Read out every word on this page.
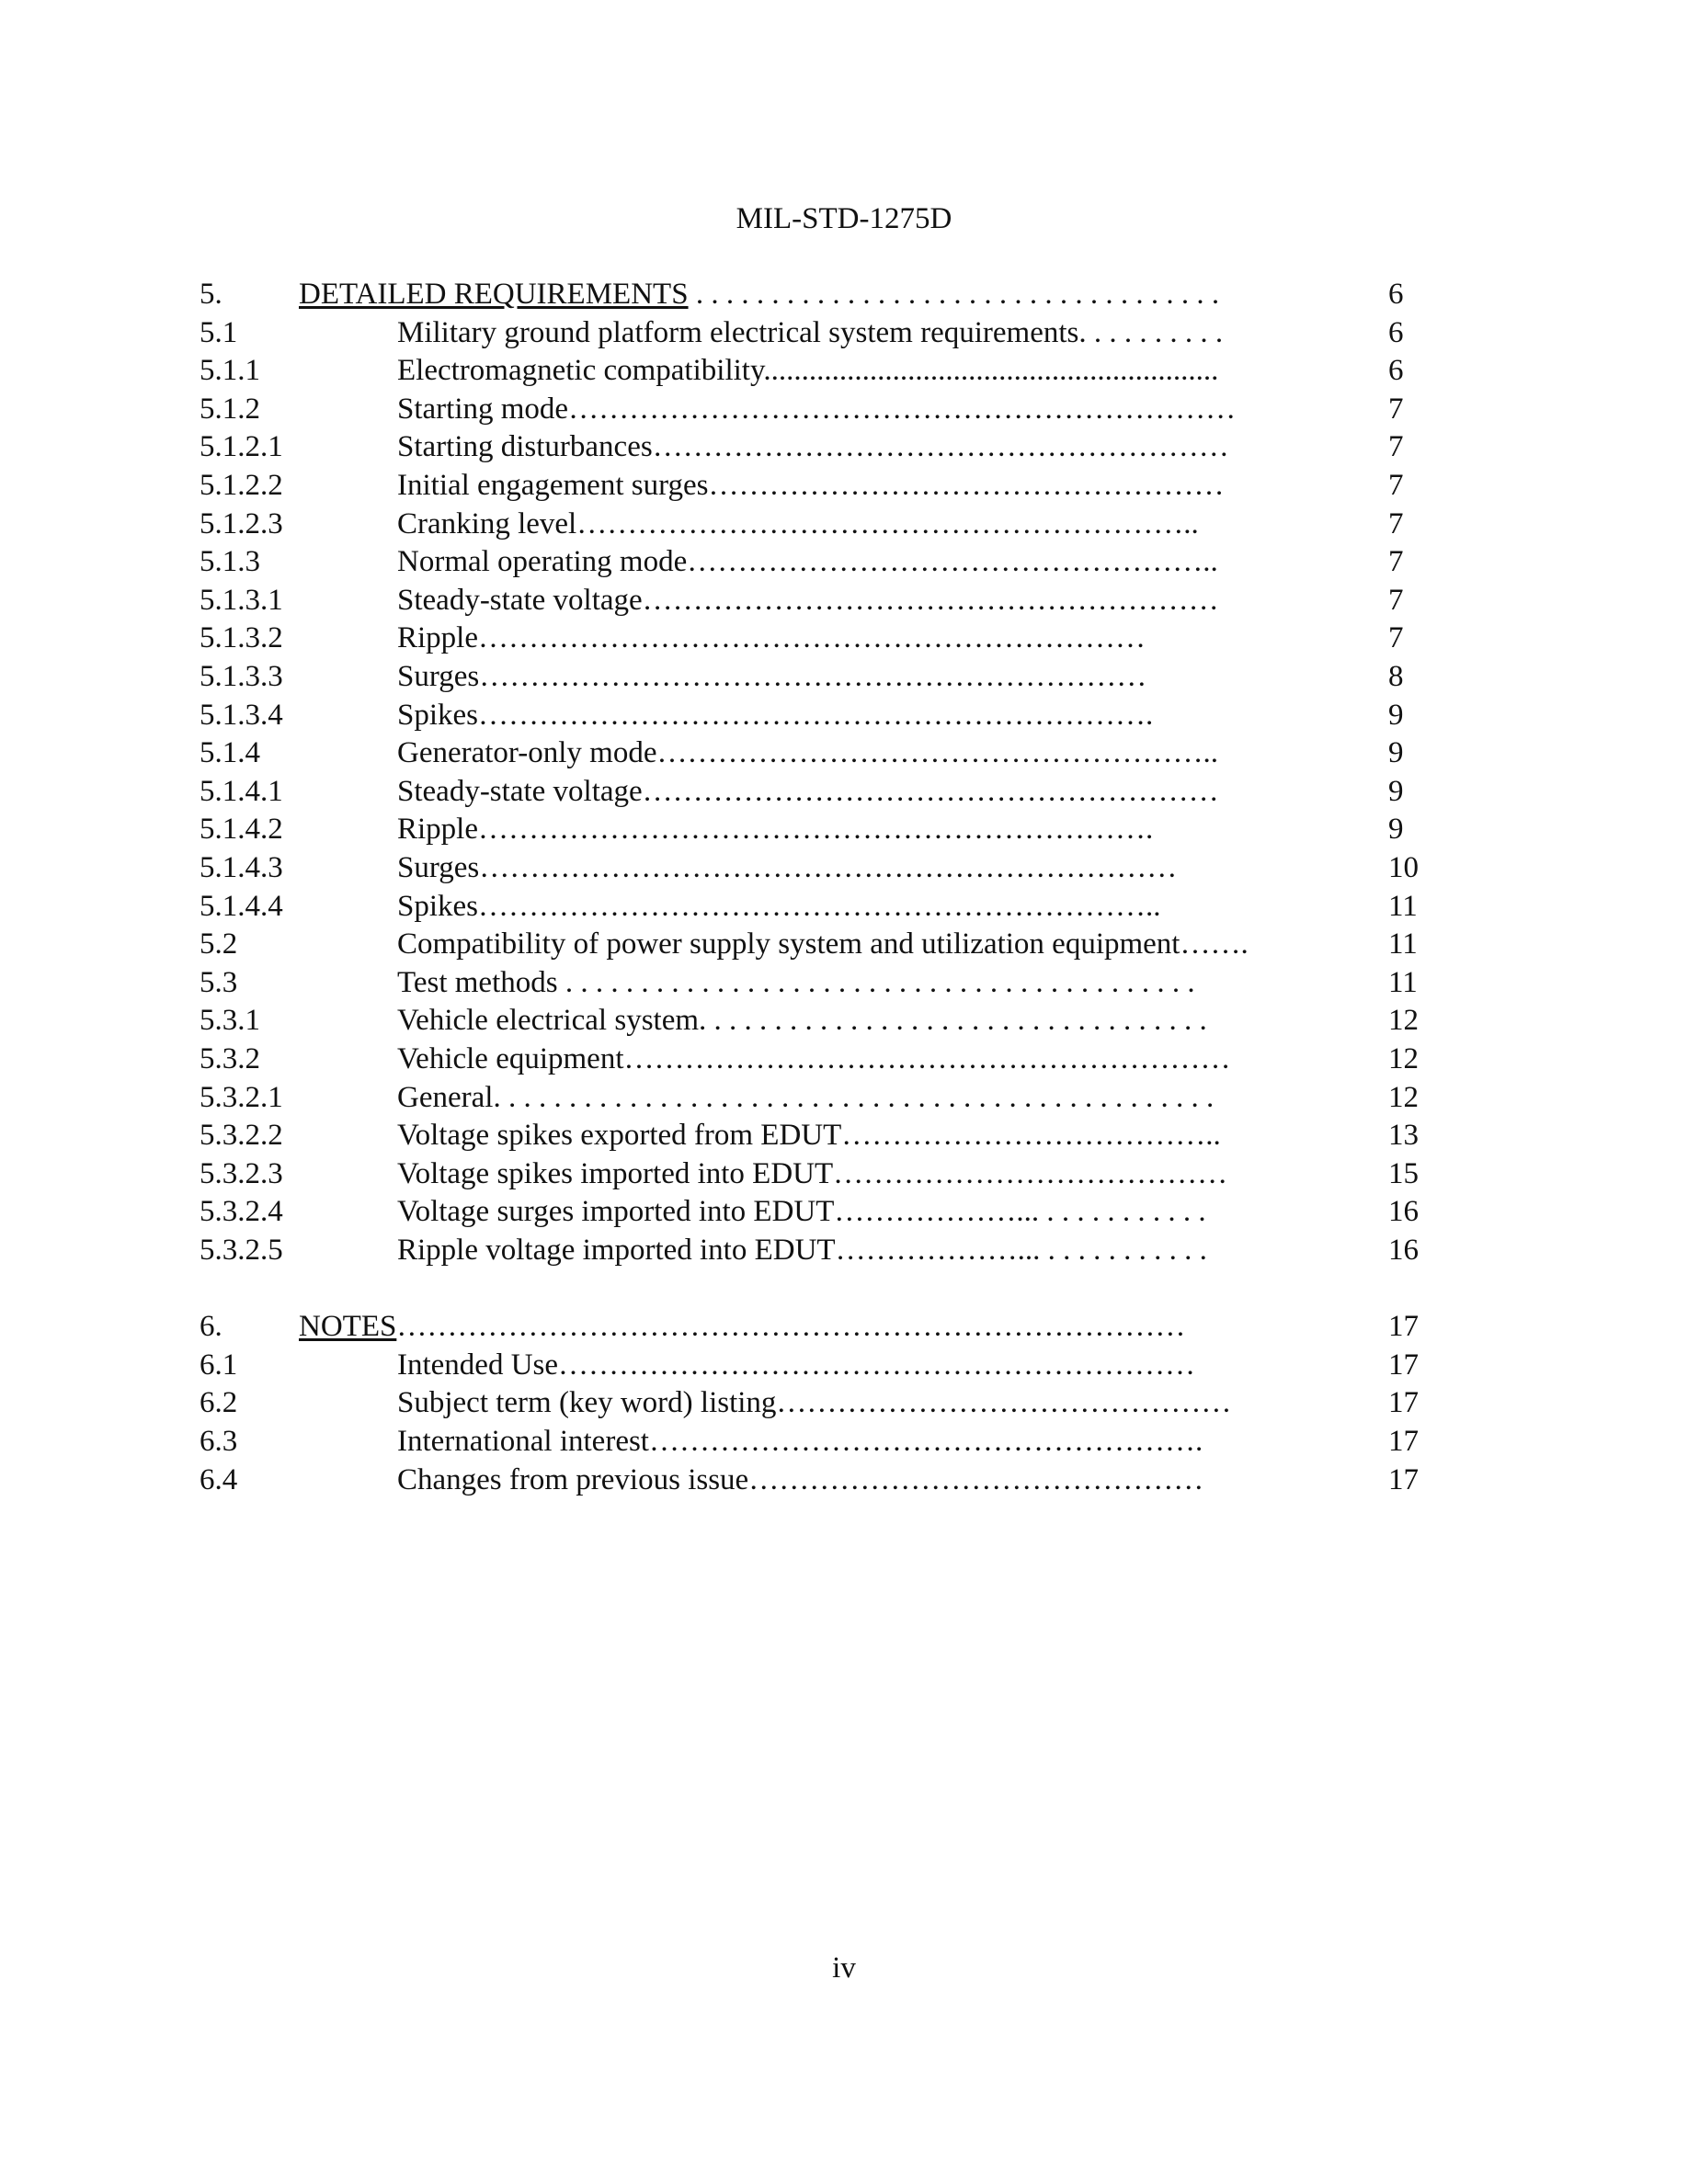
MIL-STD-1275D
5.	DETAILED REQUIREMENTS . . . . . . . . . . . . . . . . . . . . . . . . . . . . . . . . . . .	6
5.1	Military ground platform electrical system requirements. . . . . . . . . .	6
5.1.1	Electromagnetic compatibility............................................................	6
5.1.2	Starting mode…………………………………………………………	7
5.1.2.1	Starting disturbances…………………………………………………	7
5.1.2.2	Initial engagement surges……………………………………………	7
5.1.2.3	Cranking level……………………………………………………..	7
5.1.3	Normal operating mode……………………………………………..	7
5.1.3.1	Steady-state voltage…………………………………………………	7
5.1.3.2	Ripple…………………………………………………………	7
5.1.3.3	Surges…………………………………………………………	8
5.1.3.4	Spikes………………………………………………………….	9
5.1.4	Generator-only mode………………………………………………..	9
5.1.4.1	Steady-state voltage…………………………………………………	9
5.1.4.2	Ripple………………………………………………………….	9
5.1.4.3	Surges……………………………………………………………	10
5.1.4.4	Spikes…………………………………………………………..	11
5.2	Compatibility of power supply system and utilization equipment…….	11
5.3	Test methods . . . . . . . . . . . . . . . . . . . . . . . . . . . . . . . . . . . . . . . . . .	11
5.3.1	Vehicle electrical system. . . . . . . . . . . . . . . . . . . . . . . . . . . . . . . . . .	12
5.3.2	Vehicle equipment……………………………………………………	12
5.3.2.1	General. . . . . . . . . . . . . . . . . . . . . . . . . . . . . . . . . . . . . . . . . . . . . . . .	12
5.3.2.2	Voltage spikes exported from EDUT………………………………..	13
5.3.2.3	Voltage spikes imported into EDUT…………………………………	15
5.3.2.4	Voltage surges imported into EDUT………………... . . . . . . . . . . .	16
5.3.2.5	Ripple voltage imported into EDUT………………... . . . . . . . . . . .	16
6.	NOTES……………………………………………………………………	17
6.1	Intended Use………………………………………………………	17
6.2	Subject term (key word) listing………………………………………	17
6.3	International interest……………………………………………….	17
6.4	Changes from previous issue………………………………………	17
iv
